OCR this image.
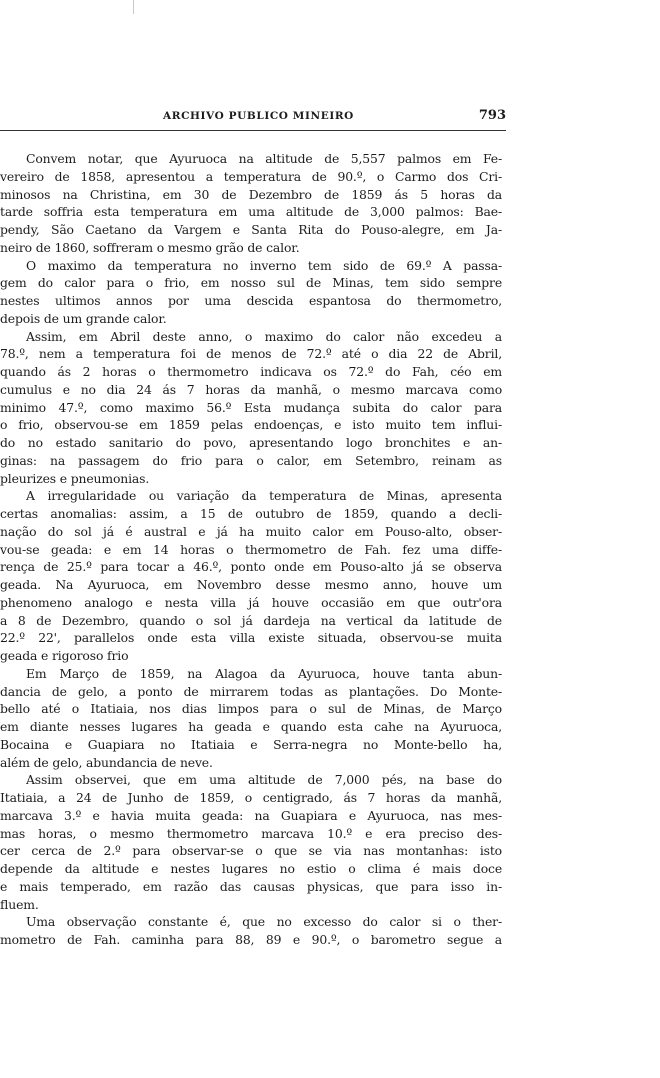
ARCHIVO PUBLICO MINEIRO	793
Convem notar, que Ayuruoca na altitude de 5,557 palmos em Fe-
vereiro de 1858, apresentou a temperatura de 90.º, o Carmo dos Cri-
minosos na Christina, em 30 de Dezembro de 1859 ás 5 horas da
tarde soffria esta temperatura em uma altitude de 3,000 palmos: Bae-
pendy, São Caetano da Vargem e Santa Rita do Pouso-alegre, em Ja-
neiro de 1860, soffreram o mesmo grão de calor.
O maximo da temperatura no inverno tem sido de 69.º A passa-
gem do calor para o frio, em nosso sul de Minas, tem sido sempre
nestes ultimos annos por uma descida espantosa do thermometro,
depois de um grande calor.
Assim, em Abril deste anno, o maximo do calor não excedeu a
78.º, nem a temperatura foi de menos de 72.º até o dia 22 de Abril,
quando ás 2 horas o thermometro indicava os 72.º do Fah, céo em
cumulus e no dia 24 ás 7 horas da manhã, o mesmo marcava como
minimo 47.º, como maximo 56.º Esta mudança subita do calor para
o frio, observou-se em 1859 pelas endoenças, e isto muito tem influi-
do no estado sanitario do povo, apresentando logo bronchites e an-
ginas: na passagem do frio para o calor, em Setembro, reinam as
pleurizes e pneumonias.
A irregularidade ou variação da temperatura de Minas, apresenta
certas anomalias: assim, a 15 de outubro de 1859, quando a decli-
nação do sol já é austral e já ha muito calor em Pouso-alto, obser-
vou-se geada: e em 14 horas o thermometro de Fah. fez uma diffe-
rença de 25.º para tocar a 46.º, ponto onde em Pouso-alto já se observa
geada. Na Ayuruoca, em Novembro desse mesmo anno, houve um
phenomeno analogo e nesta villa já houve occasião em que outr'ora
a 8 de Dezembro, quando o sol já dardeja na vertical da latitude de
22.º 22', parallelos onde esta villa existe situada, observou-se muita
geada e rigoroso frio
Em Março de 1859, na Alagoa da Ayuruoca, houve tanta abun-
dancia de gelo, a ponto de mirrarem todas as plantações. Do Monte-
bello até o Itatiaia, nos dias limpos para o sul de Minas, de Março
em diante nesses lugares ha geada e quando esta cahe na Ayuruoca,
Bocaina e Guapiara no Itatiaia e Serra-negra no Monte-bello ha,
além de gelo, abundancia de neve.
Assim observei, que em uma altitude de 7,000 pés, na base do
Itatiaia, a 24 de Junho de 1859, o centigrado, ás 7 horas da manhã,
marcava 3.º e havia muita geada: na Guapiara e Ayuruoca, nas mes-
mas horas, o mesmo thermometro marcava 10.º e era preciso des-
cer cerca de 2.º para observar-se o que se via nas montanhas: isto
depende da altitude e nestes lugares no estio o clima é mais doce
e mais temperado, em razão das causas physicas, que para isso in-
fluem.
Uma observação constante é, que no excesso do calor si o ther-
mometro de Fah. caminha para 88, 89 e 90.º, o barometro segue a
